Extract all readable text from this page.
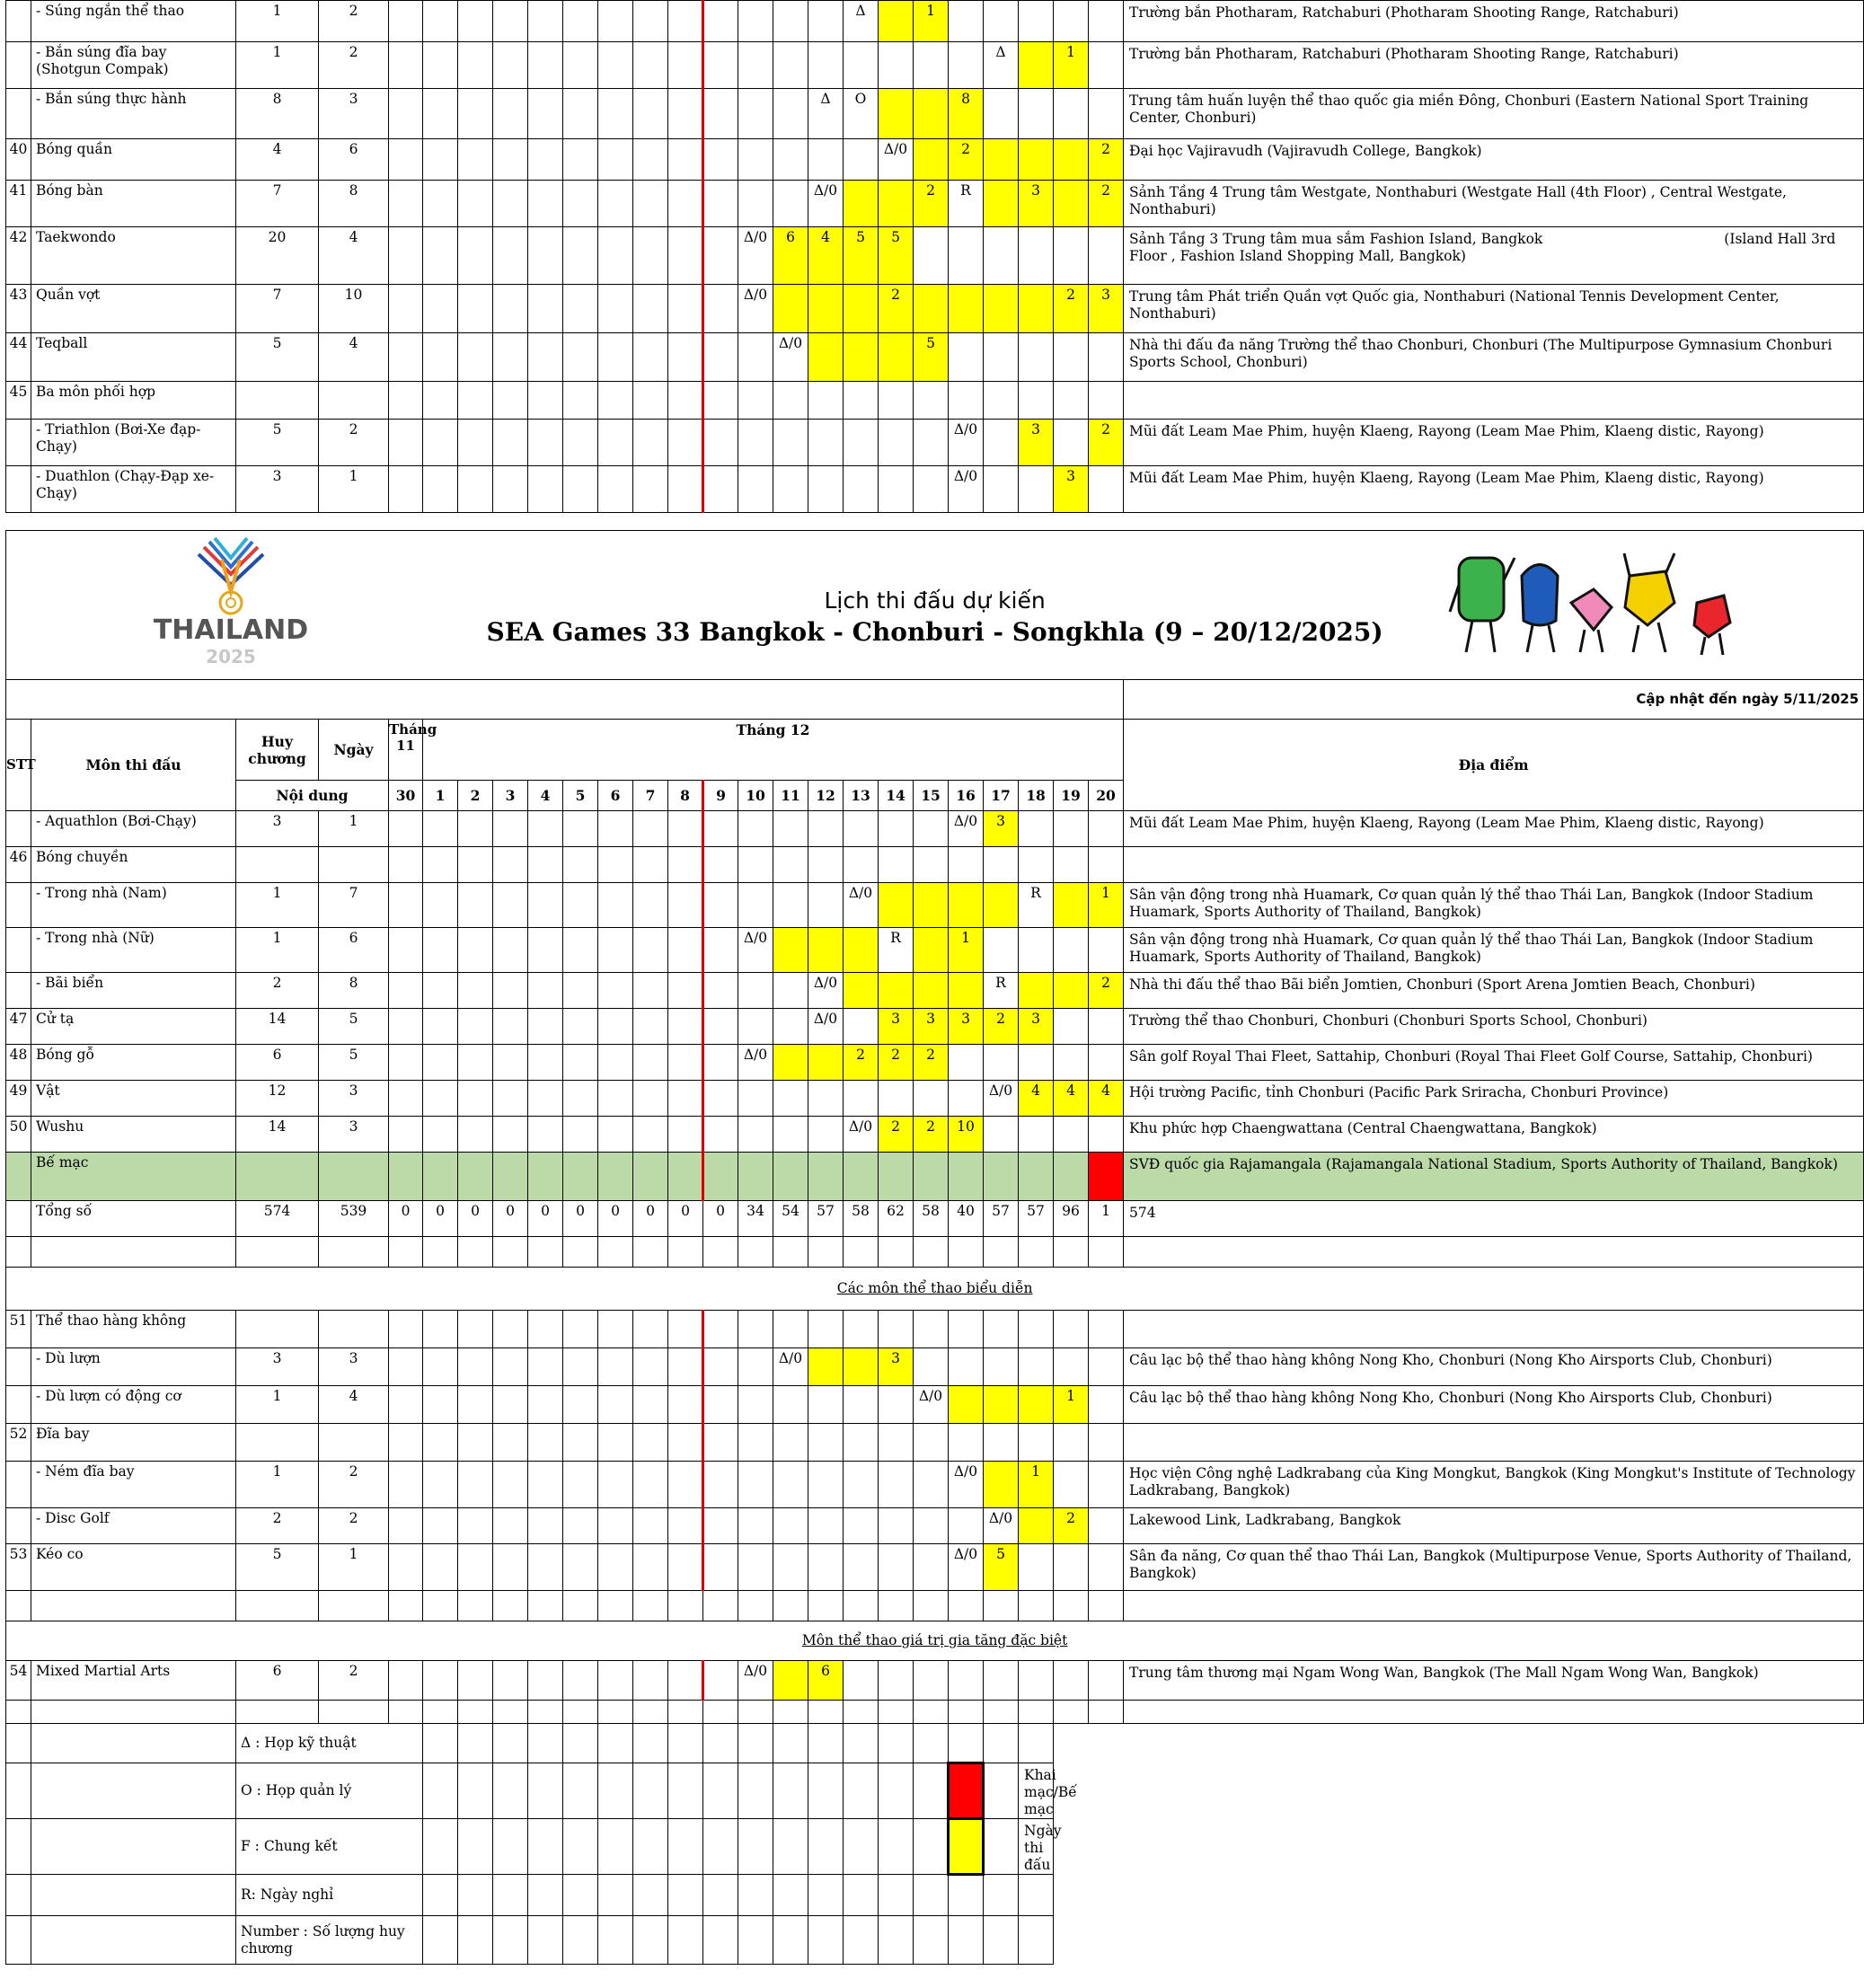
	- Súng ngắn thể thao	1	2														Δ		1						Trường bắn Photharam, Ratchaburi (Photharam Shooting Range, Ratchaburi)
	- Bắn súng đĩa bay (Shotgun Compak)	1	2																		Δ		1		Trường bắn Photharam, Ratchaburi (Photharam Shooting Range, Ratchaburi)
	- Bắn súng thực hành	8	3													Δ	O			8					Trung tâm huấn luyện thể thao quốc gia miền Đông, Chonburi (Eastern National Sport Training Center, Chonburi)
40	Bóng quần	4	6															Δ/0		2				2	Đại học Vajiravudh (Vajiravudh College, Bangkok)
41	Bóng bàn	7	8													Δ/0			2	R		3		2	Sảnh Tầng 4 Trung tâm Westgate, Nonthaburi (Westgate Hall (4th Floor) , Central Westgate, Nonthaburi)
42	Taekwondo	20	4											Δ/0	6	4	5	5							Sảnh Tầng 3 Trung tâm mua sắm Fashion Island, Bangkok                                         (Island Hall 3rd Floor , Fashion Island Shopping Mall, Bangkok)
43	Quần vợt	7	10											Δ/0				2					2	3	Trung tâm Phát triển Quần vợt Quốc gia, Nonthaburi (National Tennis Development Center, Nonthaburi)
44	Teqball	5	4												Δ/0				5						Nhà thi đấu đa năng Trường thể thao Chonburi, Chonburi (The Multipurpose Gymnasium Chonburi Sports School, Chonburi)
45	Ba môn phối hợp																								
	- Triathlon (Bơi-Xe đạp-Chạy)	5	2																	Δ/0		3		2	Mũi đất Leam Mae Phim, huyện Klaeng, Rayong (Leam Mae Phim, Klaeng distic, Rayong)
	- Duathlon (Chạy-Đạp xe-Chạy)	3	1																	Δ/0			3		Mũi đất Leam Mae Phim, huyện Klaeng, Rayong (Leam Mae Phim, Klaeng distic, Rayong)
THAILAND
2025
Lịch thi đấu dự kiến
SEA Games 33 Bangkok - Chonburi - Songkhla (9 – 20/12/2025)																									

																									Cập nhật đến ngày 5/11/2025
STT	Môn thi đấu	Huy chương	Ngày	Tháng 11	Tháng 12																				Địa điểm
		Nội dung		30	1	2	3	4	5	6	7	8	9	10	11	12	13	14	15	16	17	18	19	20	
	- Aquathlon (Bơi-Chạy)	3	1																	Δ/0	3				Mũi đất Leam Mae Phim, huyện Klaeng, Rayong (Leam Mae Phim, Klaeng distic, Rayong)
46	Bóng chuyền																								
	- Trong nhà (Nam)	1	7														Δ/0					R		1	Sân vận động trong nhà Huamark, Cơ quan quản lý thể thao Thái Lan, Bangkok (Indoor Stadium Huamark, Sports Authority of Thailand, Bangkok)
	- Trong nhà (Nữ)	1	6											Δ/0				R		1					Sân vận động trong nhà Huamark, Cơ quan quản lý thể thao Thái Lan, Bangkok (Indoor Stadium Huamark, Sports Authority of Thailand, Bangkok)
	- Bãi biển	2	8													Δ/0					R			2	Nhà thi đấu thể thao Bãi biển Jomtien, Chonburi (Sport Arena Jomtien Beach, Chonburi)
47	Cử tạ	14	5													Δ/0		3	3	3	2	3			Trường thể thao Chonburi, Chonburi (Chonburi Sports School, Chonburi)
48	Bóng gỗ	6	5											Δ/0			2	2	2						Sân golf Royal Thai Fleet, Sattahip, Chonburi (Royal Thai Fleet Golf Course, Sattahip, Chonburi)
49	Vật	12	3																		Δ/0	4	4	4	Hội trường Pacific, tỉnh Chonburi (Pacific Park Sriracha, Chonburi Province)
50	Wushu	14	3														Δ/0	2	2	10					Khu phức hợp Chaengwattana (Central Chaengwattana, Bangkok)
	Bế mạc																								SVĐ quốc gia Rajamangala (Rajamangala National Stadium, Sports Authority of Thailand, Bangkok)
	Tổng số	574	539	0	0	0	0	0	0	0	0	0	0	34	54	57	58	62	58	40	57	57	96	1	574

Các môn thể thao biểu diễn																									
51	Thể thao hàng không																								
	- Dù lượn	3	3												Δ/0			3							Câu lạc bộ thể thao hàng không Nong Kho, Chonburi (Nong Kho Airsports Club, Chonburi)
	- Dù lượn có động cơ	1	4																Δ/0				1		Câu lạc bộ thể thao hàng không Nong Kho, Chonburi (Nong Kho Airsports Club, Chonburi)
52	Đĩa bay																								
	- Ném đĩa bay	1	2																	Δ/0		1			Học viện Công nghệ Ladkrabang của King Mongkut, Bangkok (King Mongkut's Institute of Technology Ladkrabang, Bangkok)
	- Disc Golf	2	2																		Δ/0		2		Lakewood Link, Ladkrabang, Bangkok
53	Kéo co	5	1																	Δ/0	5				Sân đa năng, Cơ quan thể thao Thái Lan, Bangkok (Multipurpose Venue, Sports Authority of Thailand, Bangkok)

Môn thể thao giá trị gia tăng đặc biệt																									
54	Mixed Martial Arts	6	2											Δ/0		6									Trung tâm thương mại Ngam Wong Wan, Bangkok (The Mall Ngam Wong Wan, Bangkok)

		Δ : Họp kỹ thuật																							
		O : Họp quản lý																				Khai mạc/Bế mạc			
		F : Chung kết																				Ngày thi đấu			
		R: Ngày nghỉ																							
		Number : Số lượng huy chương																							
